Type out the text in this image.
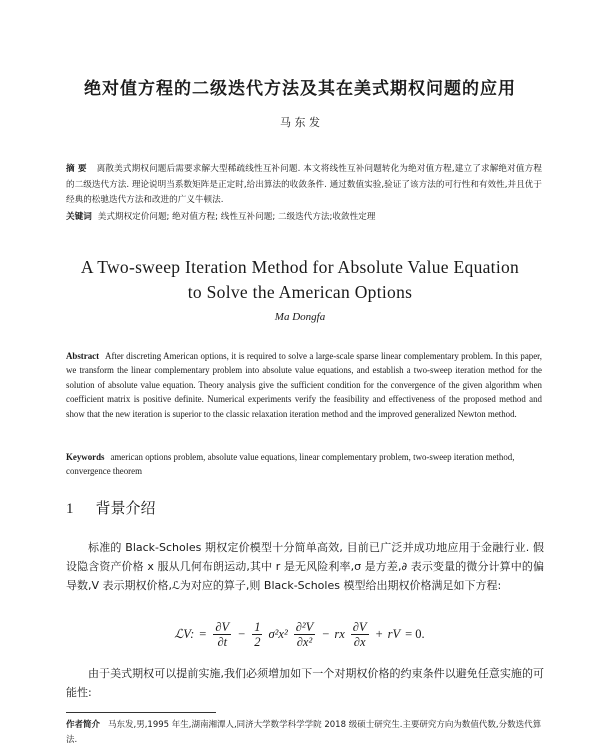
绝对值方程的二级迭代方法及其在美式期权问题的应用
马 东 发
摘 要 离散美式期权问题后需要求解大型稀疏线性互补问题. 本文将线性互补问题转化为绝对值方程,建立了求解绝对值方程的二级迭代方法. 理论说明当系数矩阵是正定时,给出算法的收敛条件. 通过数值实验,验证了该方法的可行性和有效性,并且优于经典的松驰迭代方法和改进的广义牛顿法.
关键词 美式期权定价问题; 绝对值方程; 线性互补问题; 二级迭代方法;收敛性定理
A Two-sweep Iteration Method for Absolute Value Equation
to Solve the American Options
Ma Dongfa
Abstract After discreting American options, it is required to solve a large-scale sparse linear complementary problem. In this paper, we transform the linear complementary problem into absolute value equations, and establish a two-sweep iteration method for the solution of absolute value equation. Theory analysis give the sufficient condition for the convergence of the given algorithm when coefficient matrix is positive definite. Numerical experiments verify the feasibility and effectiveness of the proposed method and show that the new iteration is superior to the classic relaxation iteration method and the improved generalized Newton method.
Keywords american options problem, absolute value equations, linear complementary problem, two-sweep iteration method, convergence theorem
1 背景介绍
标准的 Black-Scholes 期权定价模型十分简单高效, 目前已广泛并成功地应用于金融行业. 假设隐含资产价格 x 服从几何布朗运动,其中 r 是无风险利率,σ 是方差,∂ 表示变量的微分计算中的偏导数,V 表示期权价格,ℒ为对应的算子,则 Black-Scholes 模型给出期权价格满足如下方程:
ℒV: = $\frac{\partial V}{\partial t} - \frac{1}{2} \sigma^2x^2 \frac{\text{∂²V}}{\text{∂x²}}$ − rx $\frac{\partial V}{\partial x}$ + rV = 0.
由于美式期权可以提前实施,我们必须增加如下一个对期权价格的约束条件以避免任意实施的可能性:
作者简介 马东发,男,1995 年生,湖南湘潭人,同济大学数学科学学院 2018 级硕士研究生.主要研究方向为数值代数,分数迭代算法.
